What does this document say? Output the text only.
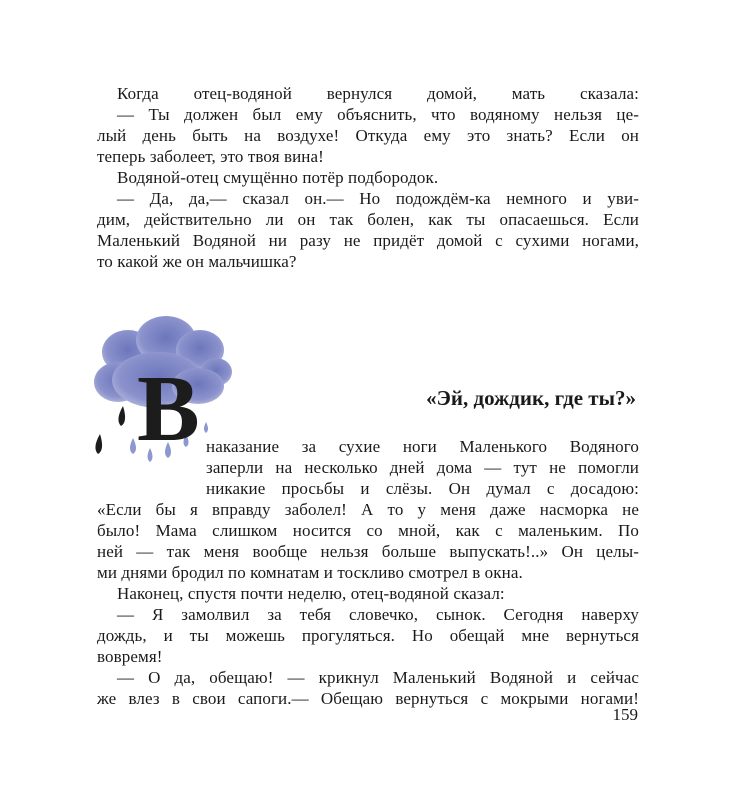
Когда отец-водяной вернулся домой, мать сказала:
— Ты должен был ему объяснить, что водяному нельзя це-
лый день быть на воздухе! Откуда ему это знать? Если он
теперь заболеет, это твоя вина!
Водяной-отец смущённо потёр подбородок.
— Да, да,— сказал он.— Но подождём-ка немного и уви-
дим, действительно ли он так болен, как ты опасаешься. Если
Маленький Водяной ни разу не придёт домой с сухими ногами,
то какой же он мальчишка?
В	«Эй, дождик, где ты?»
наказание за сухие ноги Маленького Водяного
заперли на несколько дней дома — тут не помогли
никакие просьбы и слёзы. Он думал с досадою:
«Если бы я вправду заболел! А то у меня даже насморка не
было! Мама слишком носится со мной, как с маленьким. По
ней — так меня вообще нельзя больше выпускать!..» Он целы-
ми днями бродил по комнатам и тоскливо смотрел в окна.
Наконец, спустя почти неделю, отец-водяной сказал:
— Я замолвил за тебя словечко, сынок. Сегодня наверху
дождь, и ты можешь прогуляться. Но обещай мне вернуться
вовремя!
— О да, обещаю! — крикнул Маленький Водяной и сейчас
же влез в свои сапоги.— Обещаю вернуться с мокрыми ногами!
159
